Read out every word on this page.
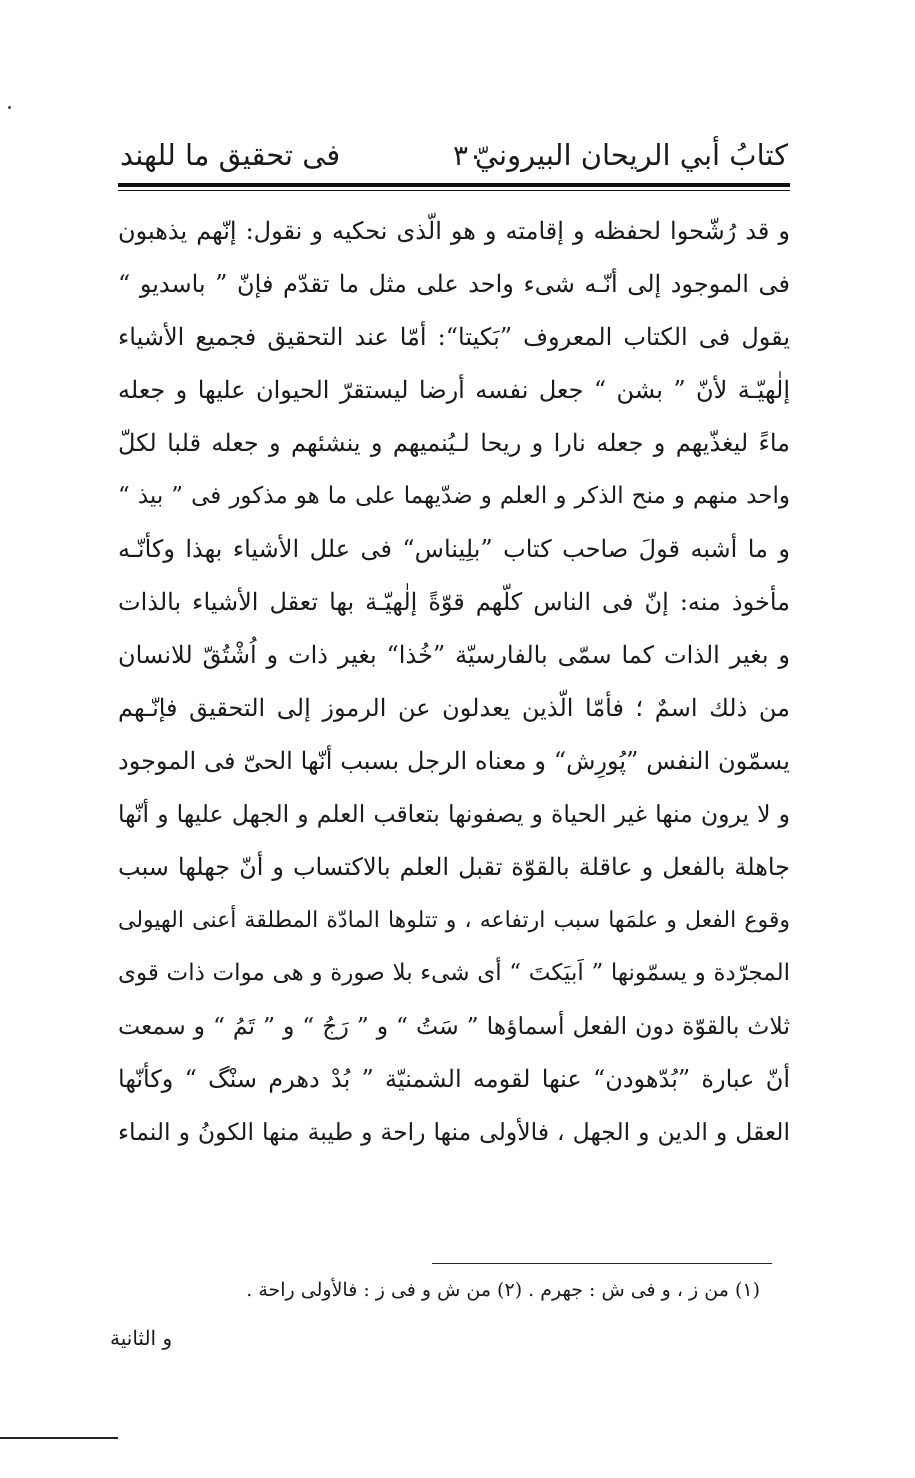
كتابُ أبي الريحان البيرونيّ
٣٠
فى تحقيق ما للهند
و قد رُشّحوا لحفظه و إقامته و هو الّذى نحكيه و نقول: إنّهم يذهبون
فى الموجود إلى أنّـه شىء واحد على مثل ما تقدّم فإنّ ” باسديو “
يقول فى الكتاب المعروف ”بَكيتا“: أمّا عند التحقيق فجميع الأشياء
إلٰهيّـة لأنّ ” بشن “ جعل نفسه أرضا ليستقرّ الحيوان عليها و جعله
ماءً ليغذّيهم و جعله نارا و ريحا لـيُنميهم و ينشئهم و جعله قلبا لكلّ
واحد منهم و منح الذكر و العلم و ضدّيهما على ما هو مذكور فى ” بيذ “
و ما أشبه قولَ صاحب كتاب ”بلِيناس“ فى علل الأشياء بهذا وكأنّـه
مأخوذ منه: إنّ فى الناس كلّهم قوّةً إلٰهيّـة بها تعقل الأشياء بالذات
و بغير الذات كما سمّى بالفارسيّة ”خُذا“ بغير ذات و اُشْتُقّ للانسان
من ذلك اسمٌ ؛ فأمّا الّذين يعدلون عن الرموز إلى التحقيق فإنّـهم
يسمّون النفس ”پُورِش“ و معناه الرجل بسبب أنّها الحىّ فى الموجود
و لا يرون منها غير الحياة و يصفونها بتعاقب العلم و الجهل عليها و أنّها
جاهلة بالفعل و عاقلة بالقوّة تقبل العلم بالاكتساب و أنّ جهلها سبب
وقوع الفعل و علمَها سبب ارتفاعه ، و تتلوها المادّة المطلقة أعنى الهيولى
المجرّدة و يسمّونها ” اَبيَكتَ “ أى شىء بلا صورة و هى موات ذات قوى
ثلاث بالقوّة دون الفعل أسماؤها ” سَتُ “ و ” رَجُ “ و ” تَمُ “ و سمعت
أنّ عبارة ”بُدّهودن“ عنها لقومه الشمنيّة ” بُدْ دهرم سنْگ “ وكأنّها
العقل و الدين و الجهل ، فالأولى منها راحة و طيبة منها الكونُ و النماء
(١) من ز ، و فى ش : جهرم . (٢) من ش و فى ز : فالأولى راحة .
و الثانية
